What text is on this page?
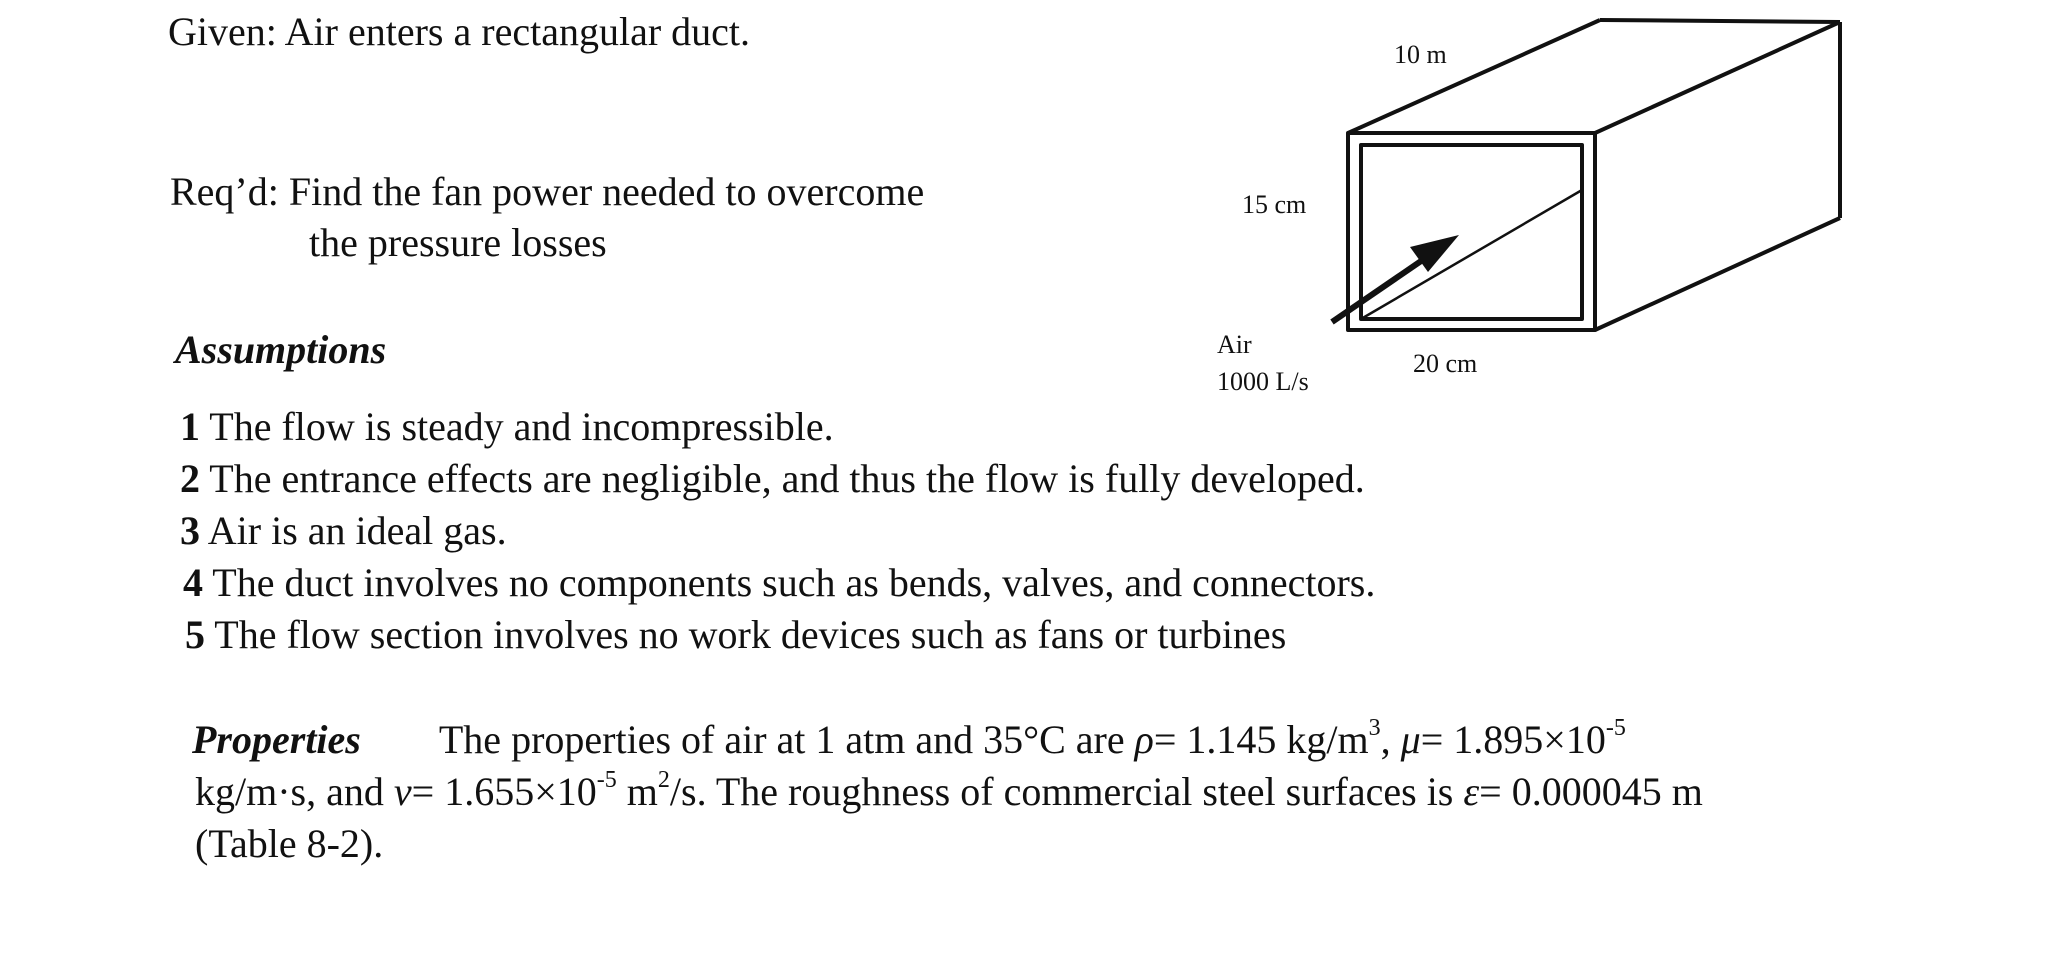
Given: Air enters a rectangular duct.
Req’d: Find the fan power needed to overcome
the pressure losses
Assumptions
1 The flow is steady and incompressible.
2 The entrance effects are negligible, and thus the flow is fully developed.
3 Air is an ideal gas.
4 The duct involves no components such as bends, valves, and connectors.
5 The flow section involves no work devices such as fans or turbines
Properties The properties of air at 1 atm and 35°C are ρ= 1.145 $kg/m^3$, $\mu= 1.895\times 10^{-5}$
kg/m·s, and $\nu= 1.655\times 10^{-5}$ $m^2/s$. The roughness of commercial steel surfaces is ε= 0.000045 m
(Table 8-2).
10 m
15 cm
Air
1000 L/s
20 cm
